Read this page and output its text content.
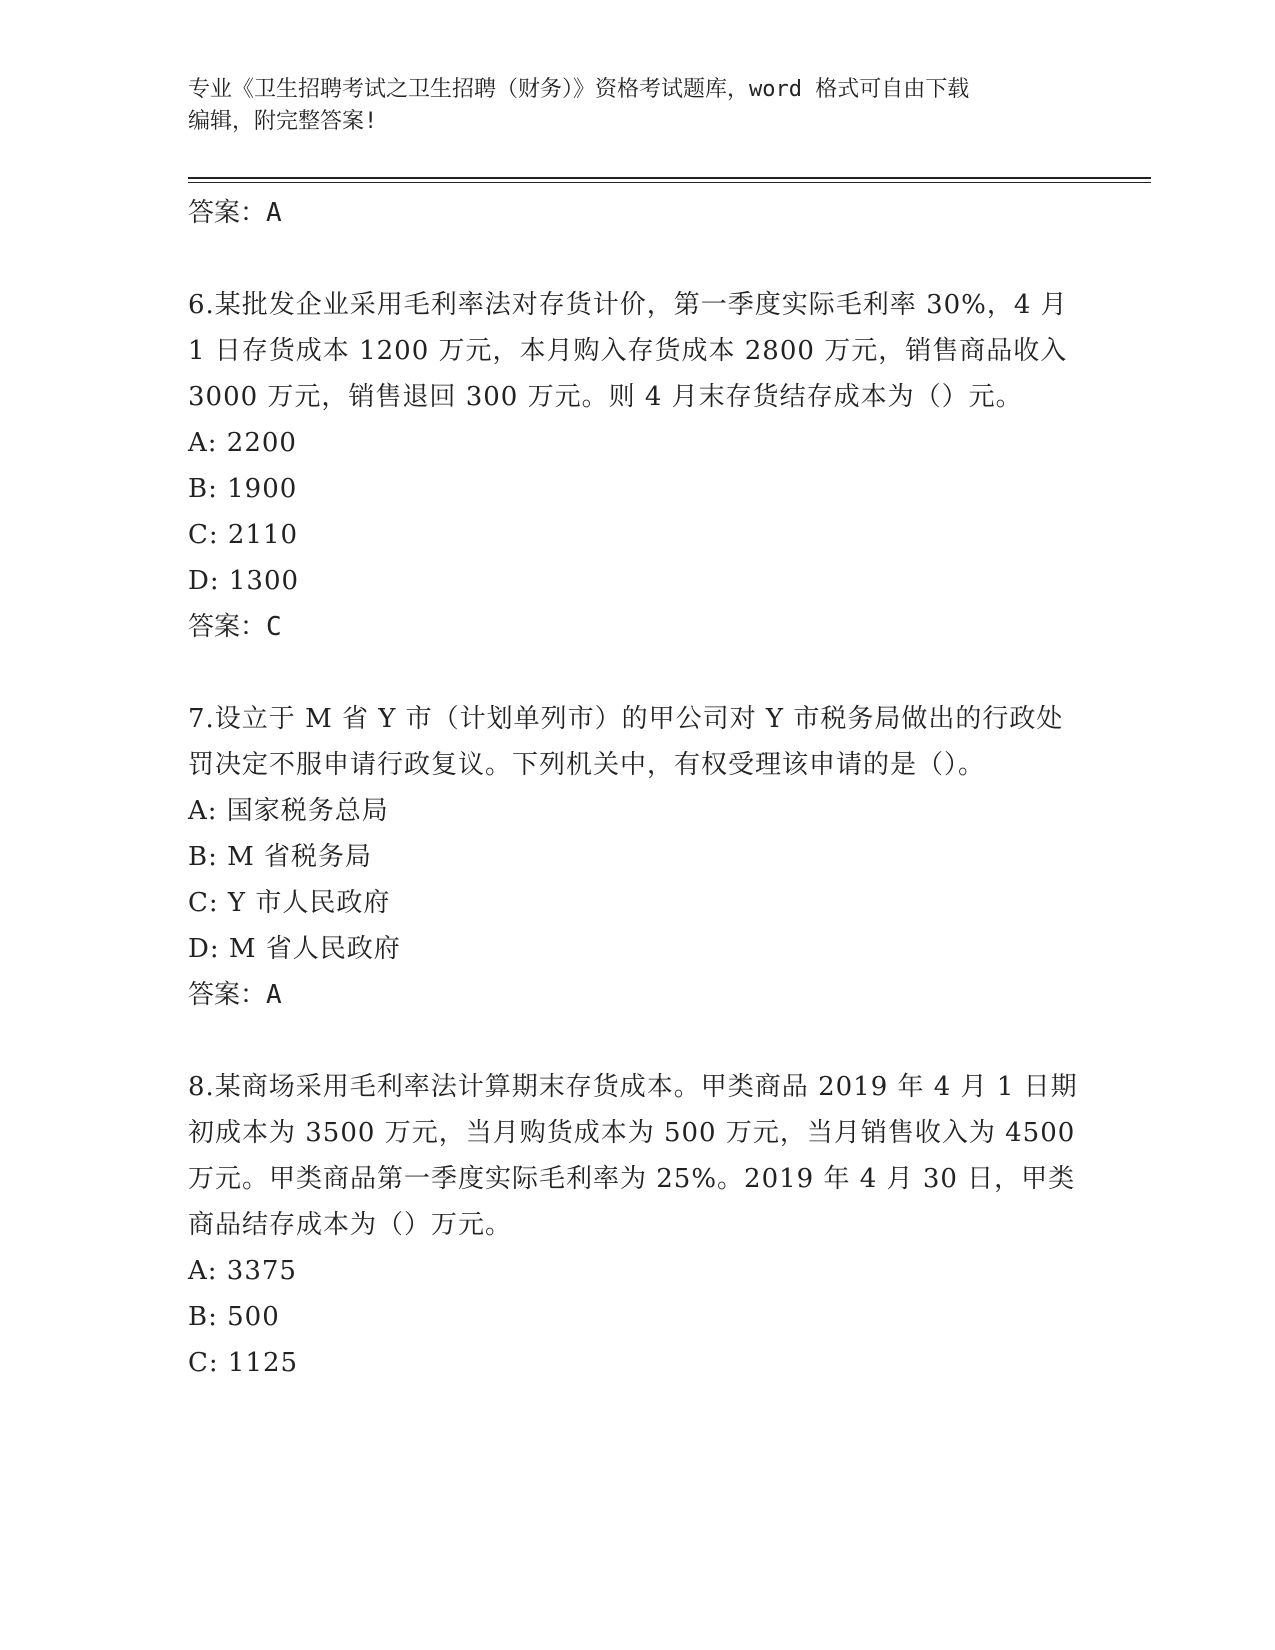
专业《卫生招聘考试之卫生招聘（财务）》资格考试题库，word 格式可自由下载
编辑，附完整答案!
答案：A
6.某批发企业采用毛利率法对存货计价，第一季度实际毛利率 30%，4 月 1 日存货成本 1200 万元，本月购入存货成本 2800 万元，销售商品收入 3000 万元，销售退回 300 万元。则 4 月末存货结存成本为（）元。
A: 2200
B: 1900
C: 2110
D: 1300
答案：C
7.设立于 M 省 Y 市（计划单列市）的甲公司对 Y 市税务局做出的行政处罚决定不服申请行政复议。下列机关中，有权受理该申请的是（）。
A: 国家税务总局
B: M 省税务局
C: Y 市人民政府
D: M 省人民政府
答案：A
8.某商场采用毛利率法计算期末存货成本。甲类商品 2019 年 4 月 1 日期初成本为 3500 万元，当月购货成本为 500 万元，当月销售收入为 4500 万元。甲类商品第一季度实际毛利率为 25%。2019 年 4 月 30 日，甲类商品结存成本为（）万元。
A: 3375
B: 500
C: 1125
